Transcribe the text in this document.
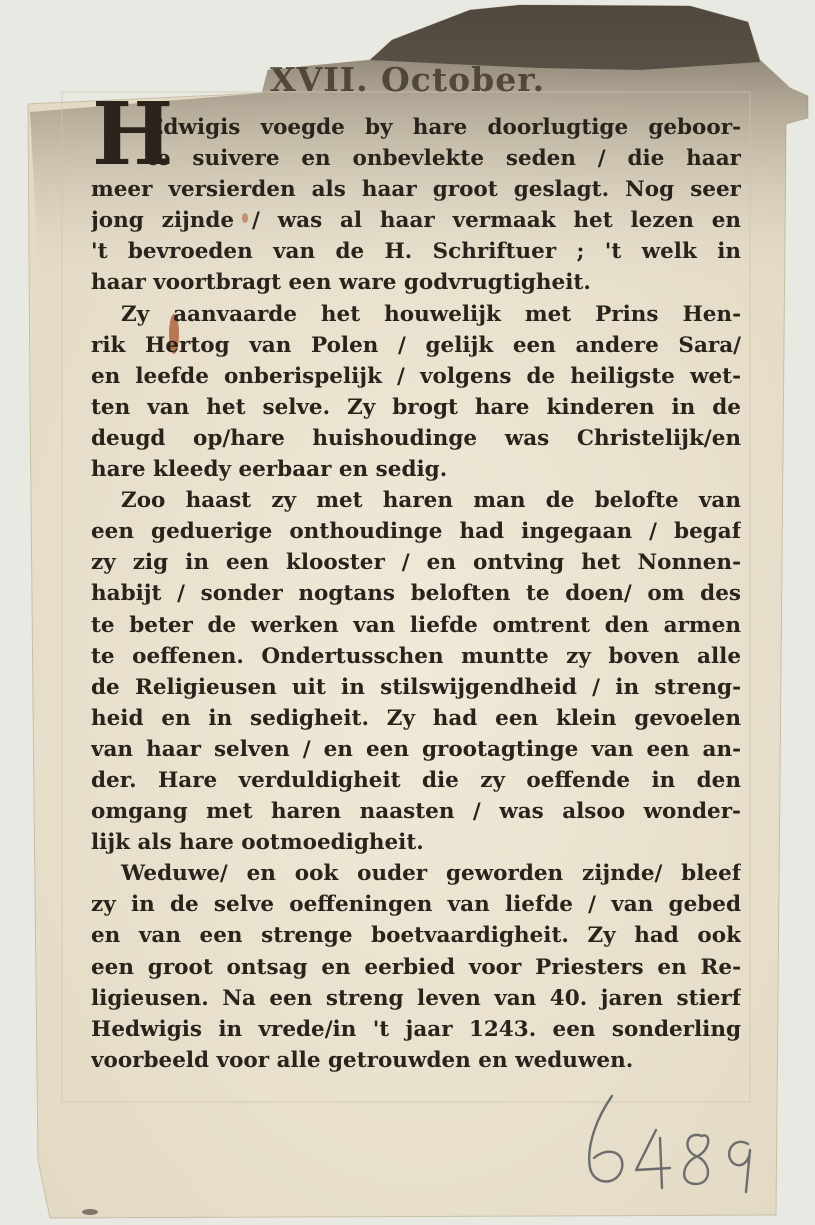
XVII. October.
H
Edwigis voegde by hare doorlugtige geboor-
te suivere en onbevlekte seden / die haar
meer versierden als haar groot geslagt. Nog seer
jong zijnde / was al haar vermaak het lezen en
't bevroeden van de H. Schriftuer ; 't welk in
haar voortbragt een ware godvrugtigheit.
Zy aanvaarde het houwelijk met Prins Hen-
rik Hertog van Polen / gelijk een andere Sara/
en leefde onberispelijk / volgens de heiligste wet-
ten van het selve. Zy brogt hare kinderen in de
deugd op/hare huishoudinge was Christelijk/en
hare kleedy eerbaar en sedig.
Zoo haast zy met haren man de belofte van
een geduerige onthoudinge had ingegaan / begaf
zy zig in een klooster / en ontving het Nonnen-
habijt / sonder nogtans beloften te doen/ om des
te beter de werken van liefde omtrent den armen
te oeffenen. Ondertusschen muntte zy boven alle
de Religieusen uit in stilswijgendheid / in streng-
heid en in sedigheit. Zy had een klein gevoelen
van haar selven / en een grootagtinge van een an-
der. Hare verduldigheit die zy oeffende in den
omgang met haren naasten / was alsoo wonder-
lijk als hare ootmoedigheit.
Weduwe/ en ook ouder geworden zijnde/ bleef
zy in de selve oeffeningen van liefde / van gebed
en van een strenge boetvaardigheit. Zy had ook
een groot ontsag en eerbied voor Priesters en Re-
ligieusen. Na een streng leven van 40. jaren stierf
Hedwigis in vrede/in 't jaar 1243. een sonderling
voorbeeld voor alle getrouwden en weduwen.
